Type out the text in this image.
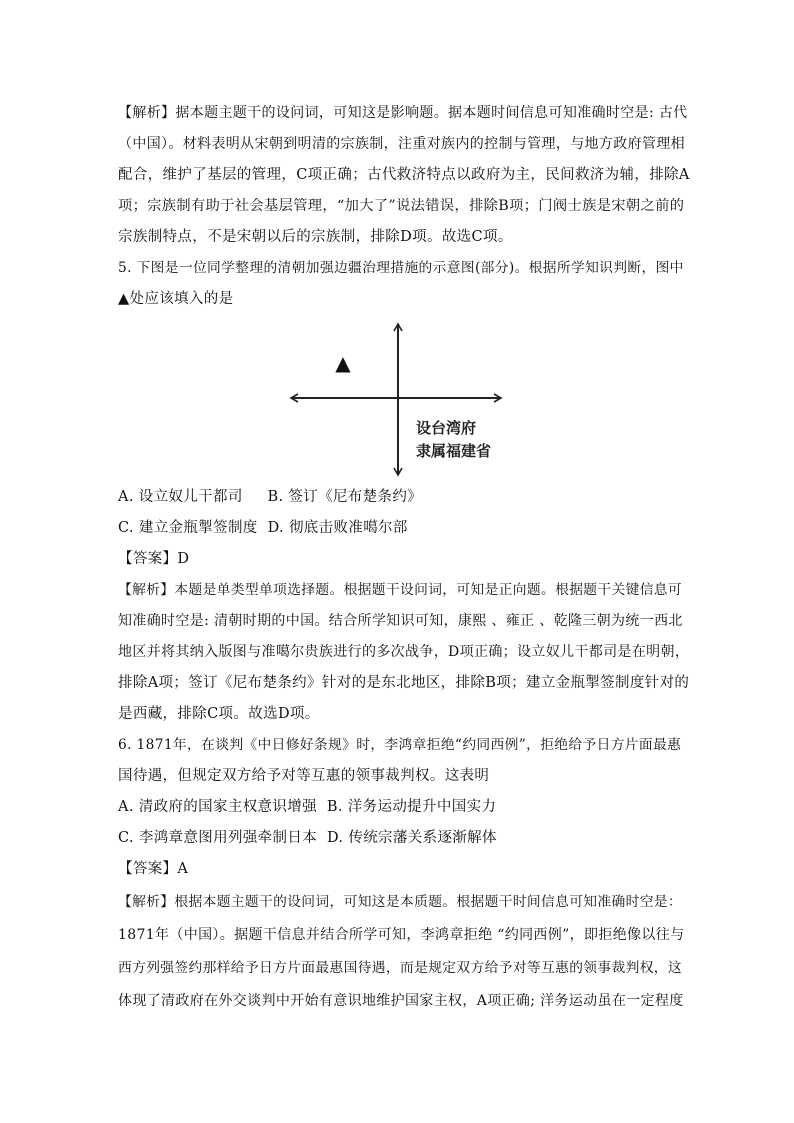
【解析】据本题主题干的设问词，可知这是影响题。据本题时间信息可知准确时空是: 古代
（中国）。材料表明从宋朝到明清的宗族制，注重对族内的控制与管理，与地方政府管理相
配合，维护了基层的管理，C项正确；古代救济特点以政府为主，民间救济为辅，排除A
项；宗族制有助于社会基层管理，“加大了”说法错误，排除B项；门阀士族是宋朝之前的
宗族制特点，不是宋朝以后的宗族制，排除D项。故选C项。
5. 下图是一位同学整理的清朝加强边疆治理措施的示意图(部分)。根据所学知识判断，图中
▲处应该填入的是
▲
设台湾府
隶属福建省
A. 设立奴儿干都司     B. 签订《尼布楚条约》
C. 建立金瓶掣签制度  D. 彻底击败准噶尔部
【答案】D
【解析】本题是单类型单项选择题。根据题干设问词，可知是正向题。根据题干关键信息可
知准确时空是: 清朝时期的中国。结合所学知识可知，康熙 、雍正 、乾隆三朝为统一西北
地区并将其纳入版图与准噶尔贵族进行的多次战争，D项正确；设立奴儿干都司是在明朝，
排除A项；签订《尼布楚条约》针对的是东北地区，排除B项；建立金瓶掣签制度针对的
是西藏，排除C项。故选D项。
6. 1871年，在谈判《中日修好条规》时，李鸿章拒绝“约同西例”，拒绝给予日方片面最惠
国待遇，但规定双方给予对等互惠的领事裁判权。这表明
A. 清政府的国家主权意识增强  B. 洋务运动提升中国实力
C. 李鸿章意图用列强牵制日本  D. 传统宗藩关系逐渐解体
【答案】A
【解析】根据本题主题干的设问词，可知这是本质题。根据题干时间信息可知准确时空是：
1871年（中国）。据题干信息并结合所学可知，李鸿章拒绝 “约同西例”，即拒绝像以往与
西方列强签约那样给予日方片面最惠国待遇，而是规定双方给予对等互惠的领事裁判权，这
体现了清政府在外交谈判中开始有意识地维护国家主权，A项正确; 洋务运动虽在一定程度
